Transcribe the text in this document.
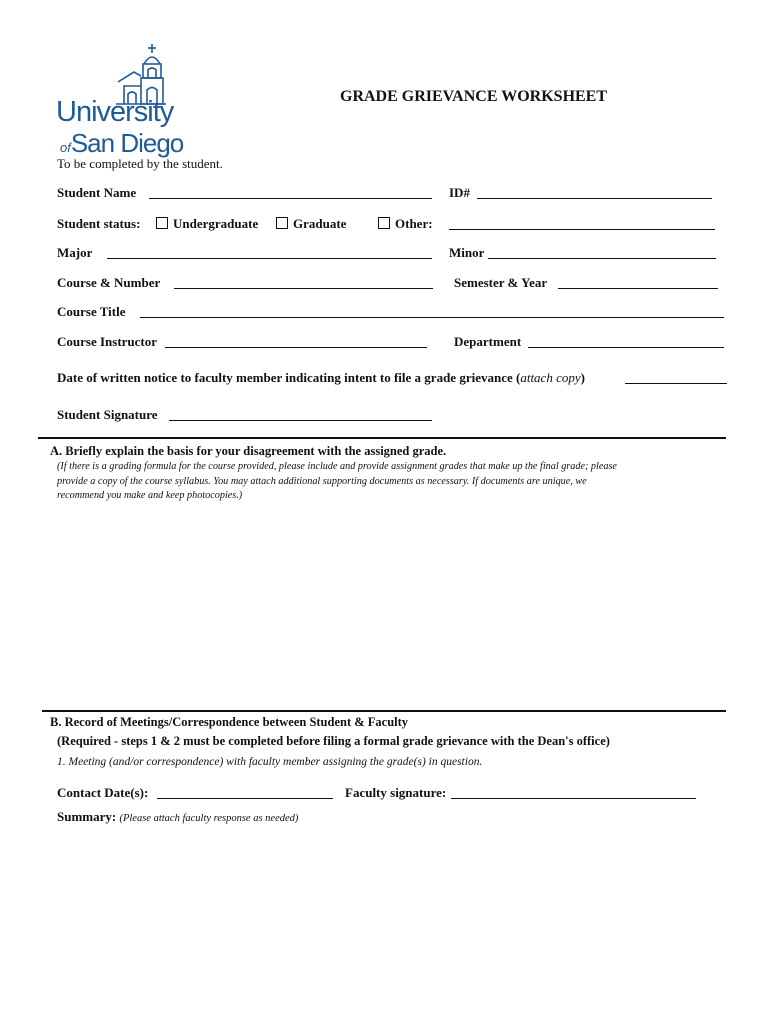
University
ofSan Diego
GRADE GRIEVANCE WORKSHEET
To be completed by the student.
Student Name	ID#
Student status:	Undergraduate	Graduate	Other:
Major	Minor
Course & Number	Semester & Year
Course Title
Course Instructor	Department
Date of written notice to faculty member indicating intent to file a grade grievance (attach copy)
Student Signature
A. Briefly explain the basis for your disagreement with the assigned grade.
(If there is a grading formula for the course provided, please include and provide assignment grades that make up the final grade; please
provide a copy of the course syllabus. You may attach additional supporting documents as necessary. If documents are unique, we
recommend you make and keep photocopies.)
B. Record of Meetings/Correspondence between Student & Faculty
(Required - steps 1 & 2 must be completed before filing a formal grade grievance with the Dean's office)
1. Meeting (and/or correspondence) with faculty member assigning the grade(s) in question.
Contact Date(s):	Faculty signature:
Summary: (Please attach faculty response as needed)
